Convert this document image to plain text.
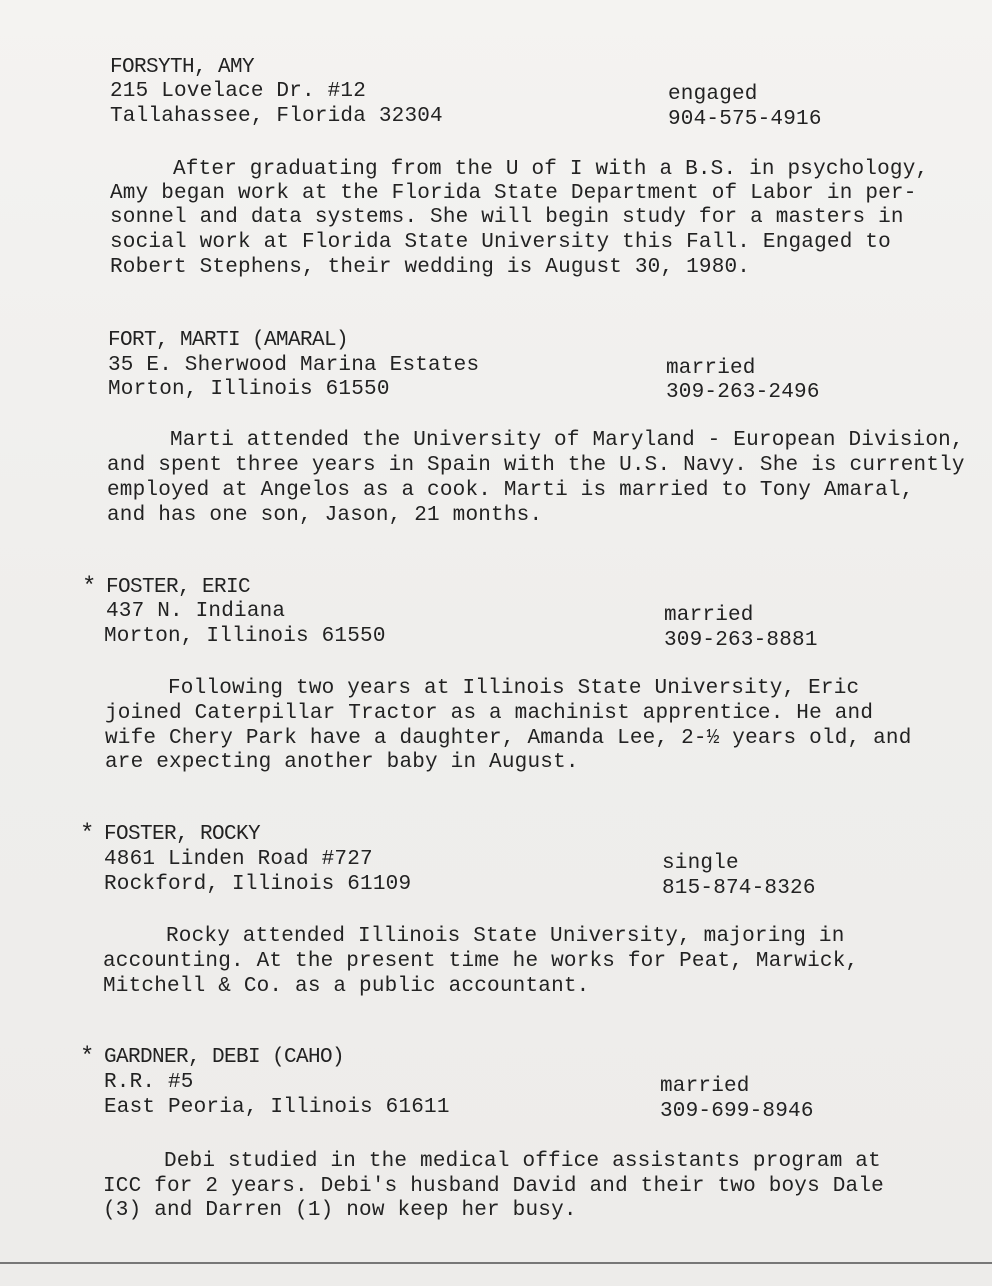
FORSYTH, AMY
215 Lovelace Dr. #12
Tallahassee, Florida 32304
engaged
904-575-4916
After graduating from the U of I with a B.S. in psychology,
Amy began work at the Florida State Department of Labor in per-
sonnel and data systems. She will begin study for a masters in
social work at Florida State University this Fall. Engaged to
Robert Stephens, their wedding is August 30, 1980.
FORT, MARTI (AMARAL)
35 E. Sherwood Marina Estates
Morton, Illinois 61550
married
309-263-2496
Marti attended the University of Maryland - European Division,
and spent three years in Spain with the U.S. Navy. She is currently
employed at Angelos as a cook. Marti is married to Tony Amaral,
and has one son, Jason, 21 months.
* FOSTER, ERIC
437 N. Indiana
Morton, Illinois 61550
married
309-263-8881
Following two years at Illinois State University, Eric
joined Caterpillar Tractor as a machinist apprentice. He and
wife Chery Park have a daughter, Amanda Lee, 2-½ years old, and
are expecting another baby in August.
* FOSTER, ROCKY
4861 Linden Road #727
Rockford, Illinois 61109
single
815-874-8326
Rocky attended Illinois State University, majoring in
accounting. At the present time he works for Peat, Marwick,
Mitchell & Co. as a public accountant.
* GARDNER, DEBI (CAHO)
R.R. #5
East Peoria, Illinois 61611
married
309-699-8946
Debi studied in the medical office assistants program at
ICC for 2 years. Debi's husband David and their two boys Dale
(3) and Darren (1) now keep her busy.
